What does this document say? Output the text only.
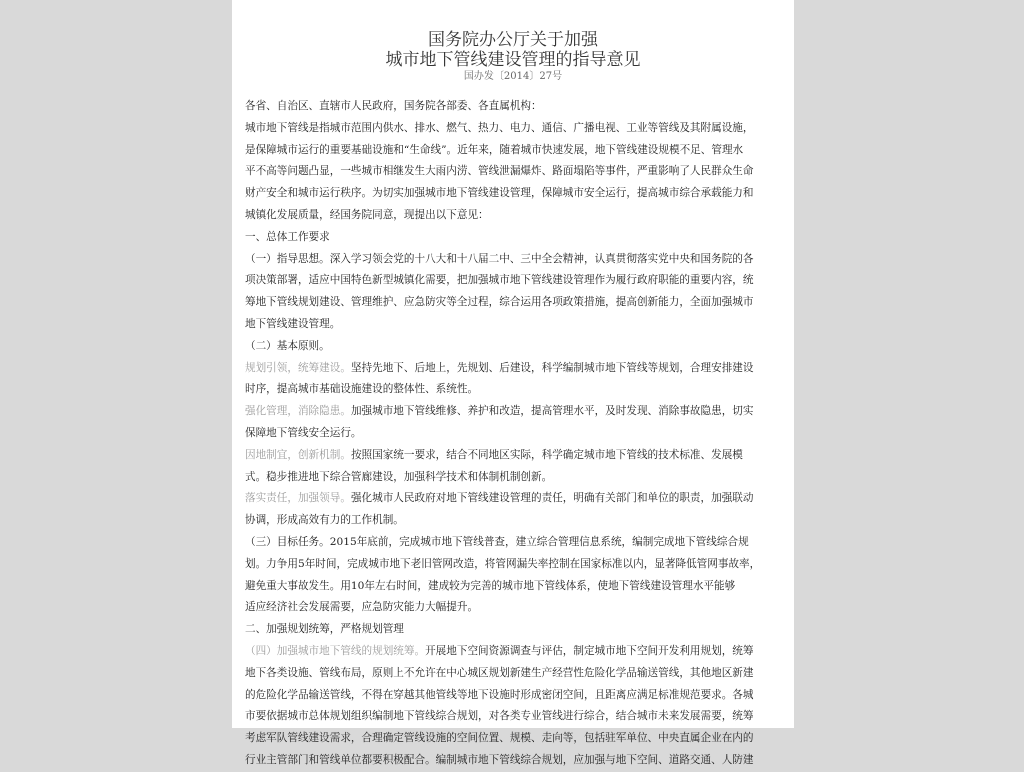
国务院办公厅关于加强
城市地下管线建设管理的指导意见
国办发〔2014〕27号
各省、自治区、直辖市人民政府，国务院各部委、各直属机构：
城市地下管线是指城市范围内供水、排水、燃气、热力、电力、通信、广播电视、工业等管线及其附属设施，
是保障城市运行的重要基础设施和“生命线”。近年来，随着城市快速发展，地下管线建设规模不足、管理水
平不高等问题凸显，一些城市相继发生大雨内涝、管线泄漏爆炸、路面塌陷等事件，严重影响了人民群众生命
财产安全和城市运行秩序。为切实加强城市地下管线建设管理，保障城市安全运行，提高城市综合承载能力和
城镇化发展质量，经国务院同意，现提出以下意见：
一、总体工作要求
（一）指导思想。深入学习领会党的十八大和十八届二中、三中全会精神，认真贯彻落实党中央和国务院的各
项决策部署，适应中国特色新型城镇化需要，把加强城市地下管线建设管理作为履行政府职能的重要内容，统
筹地下管线规划建设、管理维护、应急防灾等全过程，综合运用各项政策措施，提高创新能力，全面加强城市
地下管线建设管理。
（二）基本原则。
规划引领，统筹建设。坚持先地下、后地上，先规划、后建设，科学编制城市地下管线等规划，合理安排建设
时序，提高城市基础设施建设的整体性、系统性。
强化管理，消除隐患。加强城市地下管线维修、养护和改造，提高管理水平，及时发现、消除事故隐患，切实
保障地下管线安全运行。
因地制宜，创新机制。按照国家统一要求，结合不同地区实际，科学确定城市地下管线的技术标准、发展模
式。稳步推进地下综合管廊建设，加强科学技术和体制机制创新。
落实责任，加强领导。强化城市人民政府对地下管线建设管理的责任，明确有关部门和单位的职责，加强联动
协调，形成高效有力的工作机制。
（三）目标任务。2015年底前，完成城市地下管线普查，建立综合管理信息系统，编制完成地下管线综合规
划。力争用5年时间，完成城市地下老旧管网改造，将管网漏失率控制在国家标准以内，显著降低管网事故率，
避免重大事故发生。用10年左右时间，建成较为完善的城市地下管线体系，使地下管线建设管理水平能够
适应经济社会发展需要，应急防灾能力大幅提升。
二、加强规划统筹，严格规划管理
（四）加强城市地下管线的规划统筹。开展地下空间资源调查与评估，制定城市地下空间开发利用规划，统筹
地下各类设施、管线布局，原则上不允许在中心城区规划新建生产经营性危险化学品输送管线，其他地区新建
的危险化学品输送管线，不得在穿越其他管线等地下设施时形成密闭空间，且距离应满足标准规范要求。各城
市要依据城市总体规划组织编制地下管线综合规划，对各类专业管线进行综合，结合城市未来发展需要，统筹
考虑军队管线建设需求，合理确定管线设施的空间位置、规模、走向等，包括驻军单位、中央直属企业在内的
行业主管部门和管线单位都要积极配合。编制城市地下管线综合规划，应加强与地下空间、道路交通、人防建
